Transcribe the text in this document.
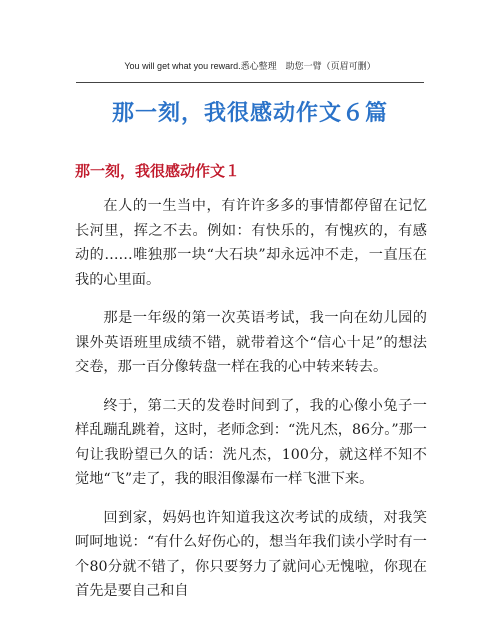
You will get what you reward.悉心整理　助您一臂（页眉可删）
那一刻，我很感动作文６篇
那一刻，我很感动作文１

在人的一生当中，有许许多多的事情都停留在记忆长河里，挥之不去。例如：有快乐的，有愧疚的，有感动的……唯独那一块“大石块”却永远冲不走，一直压在我的心里面。

那是一年级的第一次英语考试，我一向在幼儿园的课外英语班里成绩不错，就带着这个“信心十足”的想法交卷，那一百分像转盘一样在我的心中转来转去。

终于，第二天的发卷时间到了，我的心像小兔子一样乱蹦乱跳着，这时，老师念到：“洗凡杰，86分。”那一句让我盼望已久的话：洗凡杰，100分，就这样不知不觉地“飞”走了，我的眼泪像瀑布一样飞泄下来。

回到家，妈妈也许知道我这次考试的成绩，对我笑呵呵地说：“有什么好伤心的，想当年我们读小学时有一个80分就不错了，你只要努力了就问心无愧啦，你现在首先是要自己和自
